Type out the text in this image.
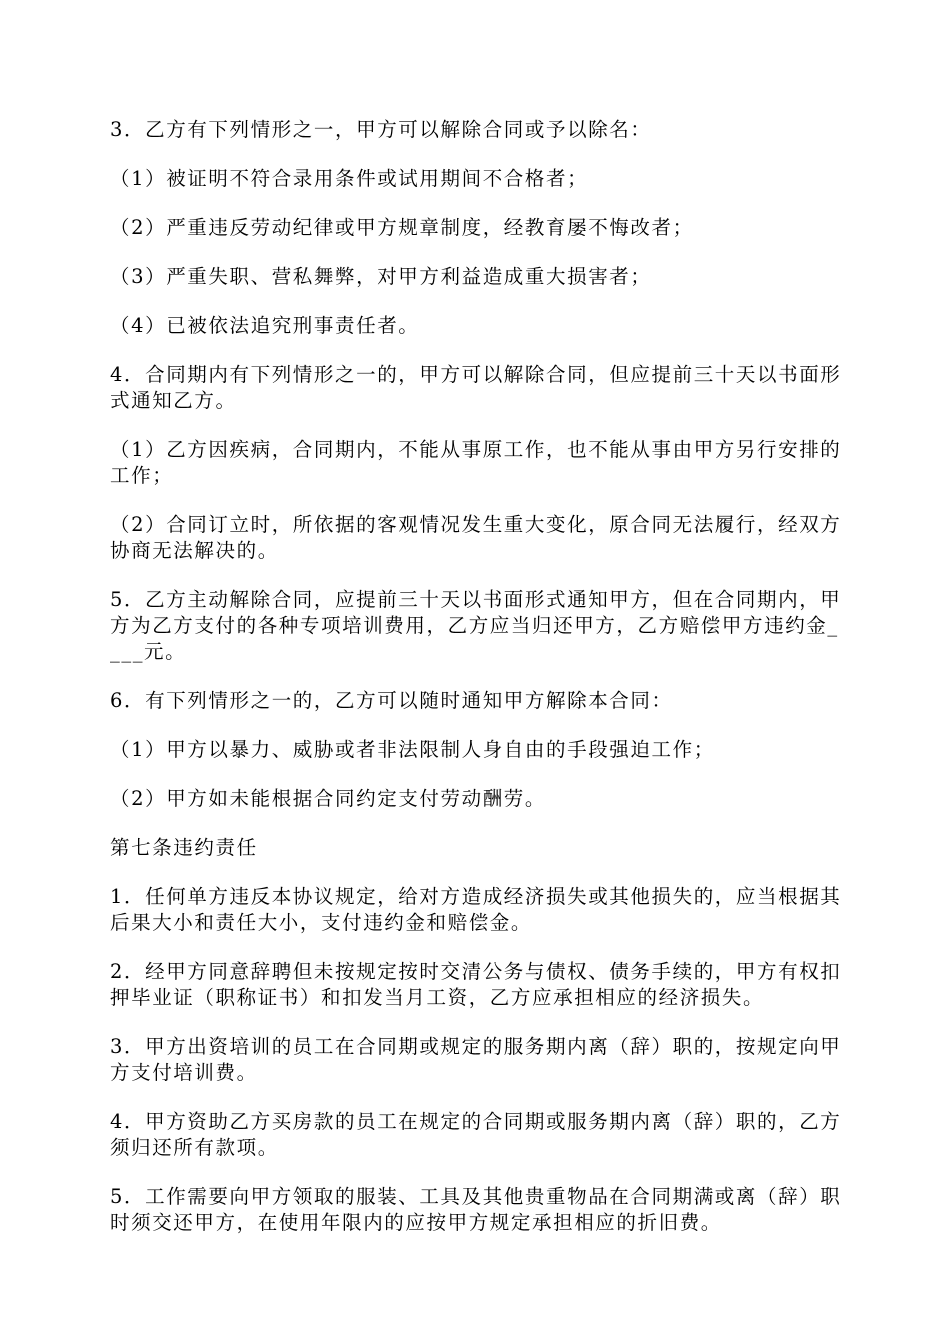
3．乙方有下列情形之一，甲方可以解除合同或予以除名：

（1）被证明不符合录用条件或试用期间不合格者；

（2）严重违反劳动纪律或甲方规章制度，经教育屡不悔改者；

（3）严重失职、营私舞弊，对甲方利益造成重大损害者；

（4）已被依法追究刑事责任者。

4．合同期内有下列情形之一的，甲方可以解除合同，但应提前三十天以书面形式通知乙方。

（1）乙方因疾病，合同期内，不能从事原工作，也不能从事由甲方另行安排的工作；

（2）合同订立时，所依据的客观情况发生重大变化，原合同无法履行，经双方协商无法解决的。

5．乙方主动解除合同，应提前三十天以书面形式通知甲方，但在合同期内，甲方为乙方支付的各种专项培训费用，乙方应当归还甲方，乙方赔偿甲方违约金____元。

6．有下列情形之一的，乙方可以随时通知甲方解除本合同：

（1）甲方以暴力、威胁或者非法限制人身自由的手段强迫工作；

（2）甲方如未能根据合同约定支付劳动酬劳。

第七条违约责任

1．任何单方违反本协议规定，给对方造成经济损失或其他损失的，应当根据其后果大小和责任大小，支付违约金和赔偿金。

2．经甲方同意辞聘但未按规定按时交清公务与债权、债务手续的，甲方有权扣押毕业证（职称证书）和扣发当月工资，乙方应承担相应的经济损失。

3．甲方出资培训的员工在合同期或规定的服务期内离（辞）职的，按规定向甲方支付培训费。

4．甲方资助乙方买房款的员工在规定的合同期或服务期内离（辞）职的，乙方须归还所有款项。

5．工作需要向甲方领取的服装、工具及其他贵重物品在合同期满或离（辞）职时须交还甲方，在使用年限内的应按甲方规定承担相应的折旧费。
